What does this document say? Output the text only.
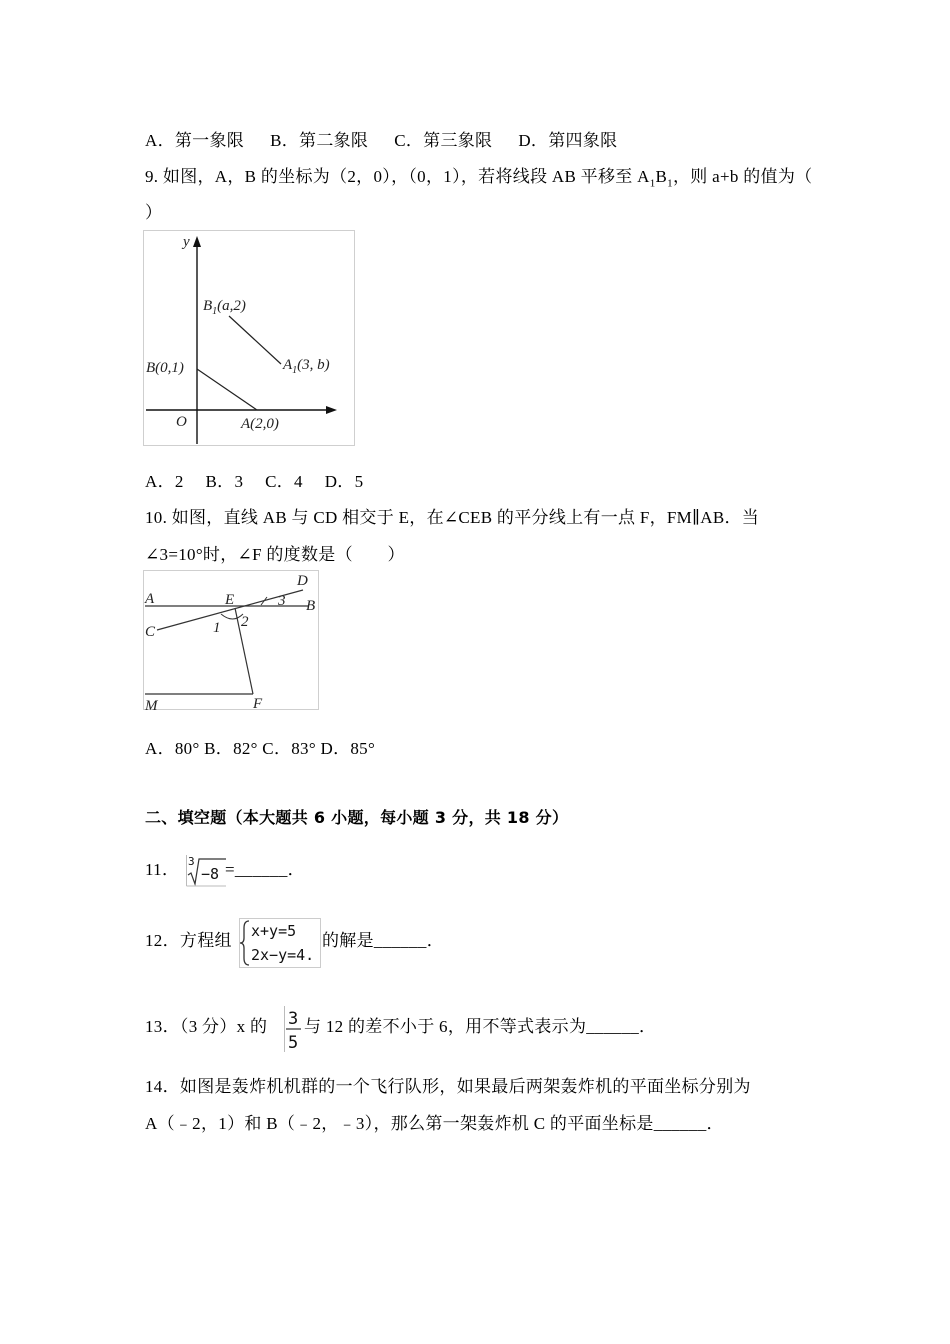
A．第一象限 B．第二象限 C．第三象限 D．第四象限
9. 如图，A，B 的坐标为（2，0），（0，1），若将线段 AB 平移至 $A_1B_1$，则 a+b 的值为（
）
y
O
B(0,1)
A(2,0)
$B_1(a,2)$
$A_1(3$, b)
A．2　 B．3　 C．4　 D．5
10. 如图，直线 AB 与 CD 相交于 E，在∠CEB 的平分线上有一点 F，FM∥AB．当
∠3=10°时，∠F 的度数是（　　）
A	E	B
C
D
M	F
1 2
3
A．80° B．82° C．83° D．85°
二、填空题（本大题共 6 小题，每小题 3 分，共 18 分）
11． 3
−8 =______．
12．方程组 x+y=5
2x−y=4.
的解是______．
13．（3 分）x 的 3
5
与 12 的差不小于 6，用不等式表示为______．
14．如图是轰炸机机群的一个飞行队形，如果最后两架轰炸机的平面坐标分别为
A（﹣2，1）和 B（﹣2，﹣3），那么第一架轰炸机 C 的平面坐标是______．
